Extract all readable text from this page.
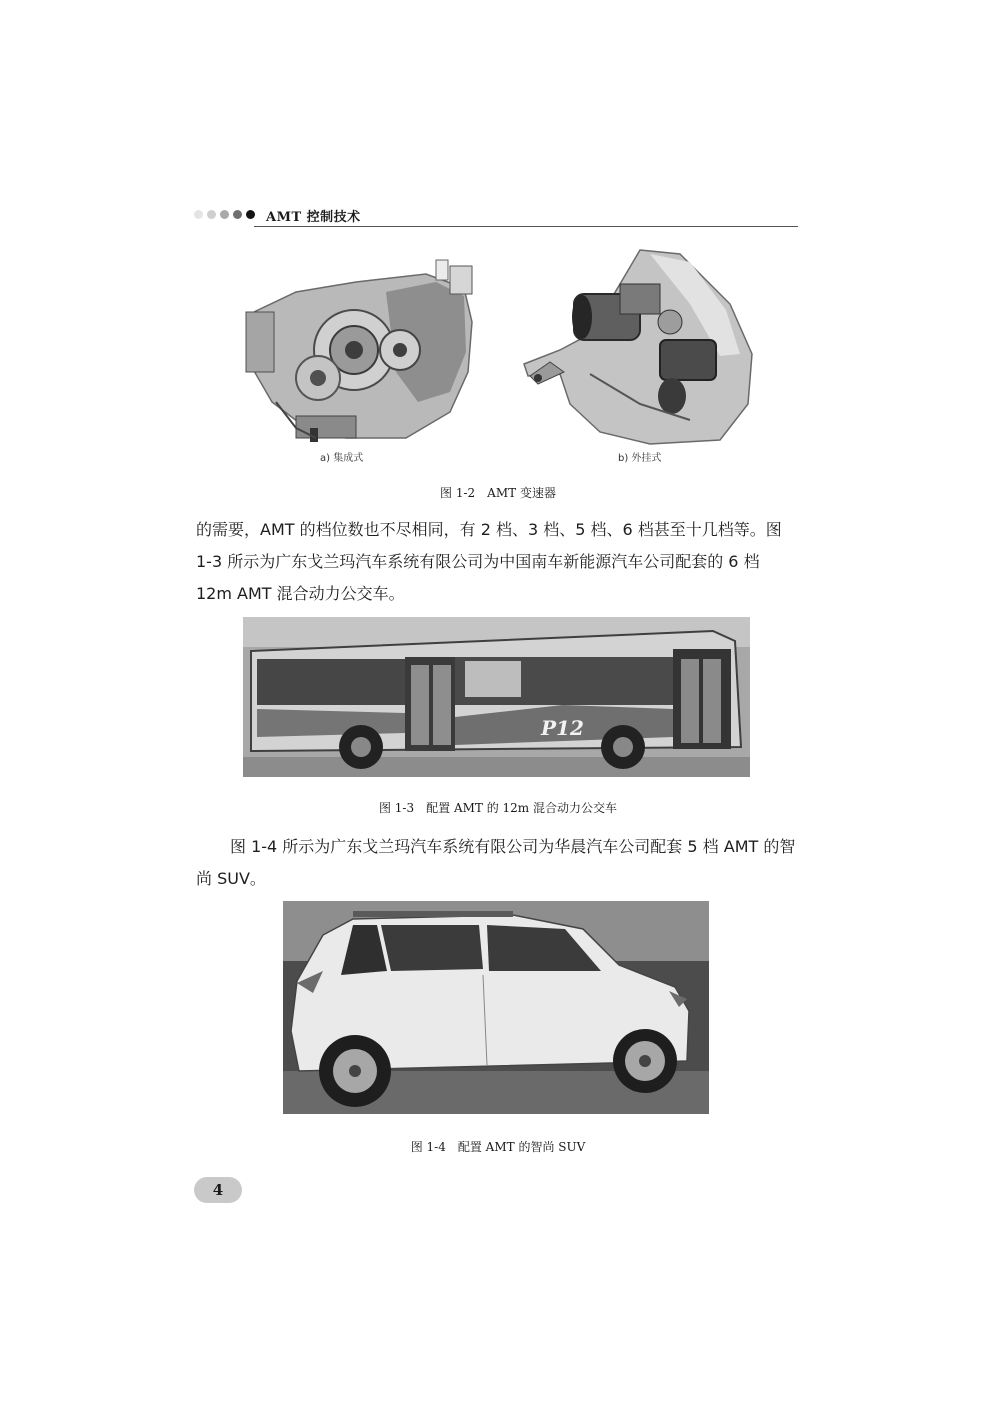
AMT 控制技术
a) 集成式	b) 外挂式
图 1-2　AMT 变速器
的需要，AMT 的档位数也不尽相同，有 2 档、3 档、5 档、6 档甚至十几档等。图 1-3 所示为广东戈兰玛汽车系统有限公司为中国南车新能源汽车公司配套的 6 档 12m AMT 混合动力公交车。
P12
图 1-3　配置 AMT 的 12m 混合动力公交车
图 1-4 所示为广东戈兰玛汽车系统有限公司为华晨汽车公司配套 5 档 AMT 的智尚 SUV。
图 1-4　配置 AMT 的智尚 SUV
4
